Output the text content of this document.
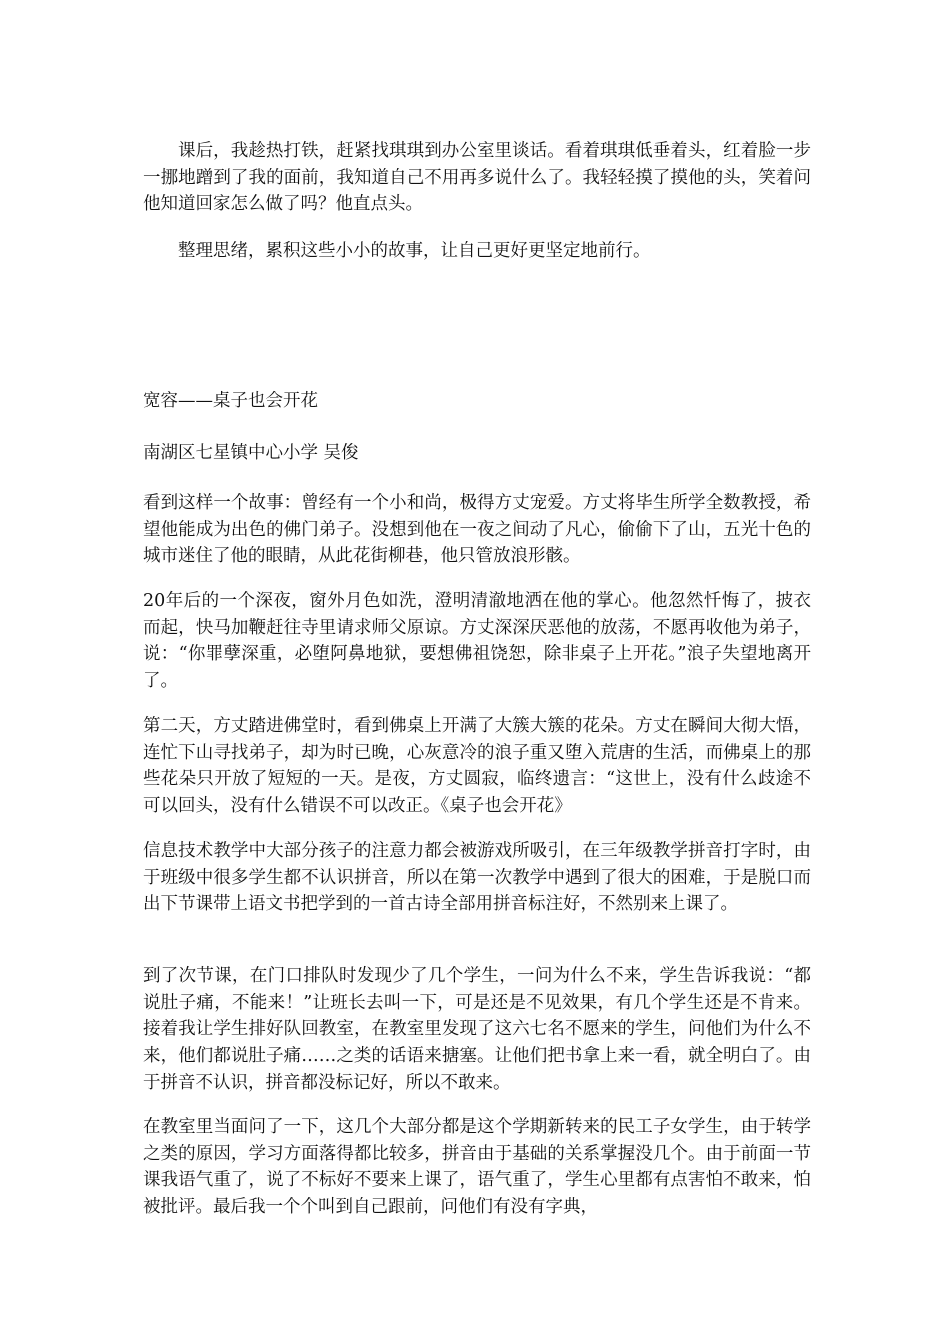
课后，我趁热打铁，赶紧找琪琪到办公室里谈话。看着琪琪低垂着头，红着脸一步一挪地蹭到了我的面前，我知道自己不用再多说什么了。我轻轻摸了摸他的头，笑着问他知道回家怎么做了吗？他直点头。

整理思绪，累积这些小小的故事，让自己更好更坚定地前行。

宽容——桌子也会开花

南湖区七星镇中心小学 吴俊

看到这样一个故事：曾经有一个小和尚，极得方丈宠爱。方丈将毕生所学全数教授，希望他能成为出色的佛门弟子。没想到他在一夜之间动了凡心，偷偷下了山，五光十色的城市迷住了他的眼睛，从此花街柳巷，他只管放浪形骸。

20年后的一个深夜，窗外月色如洗，澄明清澈地洒在他的掌心。他忽然忏悔了，披衣而起，快马加鞭赶往寺里请求师父原谅。方丈深深厌恶他的放荡，不愿再收他为弟子，说：“你罪孽深重，必堕阿鼻地狱，要想佛祖饶恕，除非桌子上开花。”浪子失望地离开了。

第二天，方丈踏进佛堂时，看到佛桌上开满了大簇大簇的花朵。方丈在瞬间大彻大悟，连忙下山寻找弟子，却为时已晚，心灰意冷的浪子重又堕入荒唐的生活，而佛桌上的那些花朵只开放了短短的一天。是夜，方丈圆寂，临终遗言：“这世上，没有什么歧途不可以回头，没有什么错误不可以改正。《桌子也会开花》

信息技术教学中大部分孩子的注意力都会被游戏所吸引，在三年级教学拼音打字时，由于班级中很多学生都不认识拼音，所以在第一次教学中遇到了很大的困难，于是脱口而出下节课带上语文书把学到的一首古诗全部用拼音标注好，不然别来上课了。

到了次节课，在门口排队时发现少了几个学生，一问为什么不来，学生告诉我说：“都说肚子痛，不能来！”让班长去叫一下，可是还是不见效果，有几个学生还是不肯来。接着我让学生排好队回教室，在教室里发现了这六七名不愿来的学生，问他们为什么不来，他们都说肚子痛……之类的话语来搪塞。让他们把书拿上来一看，就全明白了。由于拼音不认识，拼音都没标记好，所以不敢来。

在教室里当面问了一下，这几个大部分都是这个学期新转来的民工子女学生，由于转学之类的原因，学习方面落得都比较多，拼音由于基础的关系掌握没几个。由于前面一节课我语气重了，说了不标好不要来上课了，语气重了，学生心里都有点害怕不敢来，怕被批评。最后我一个个叫到自己跟前，问他们有没有字典，
